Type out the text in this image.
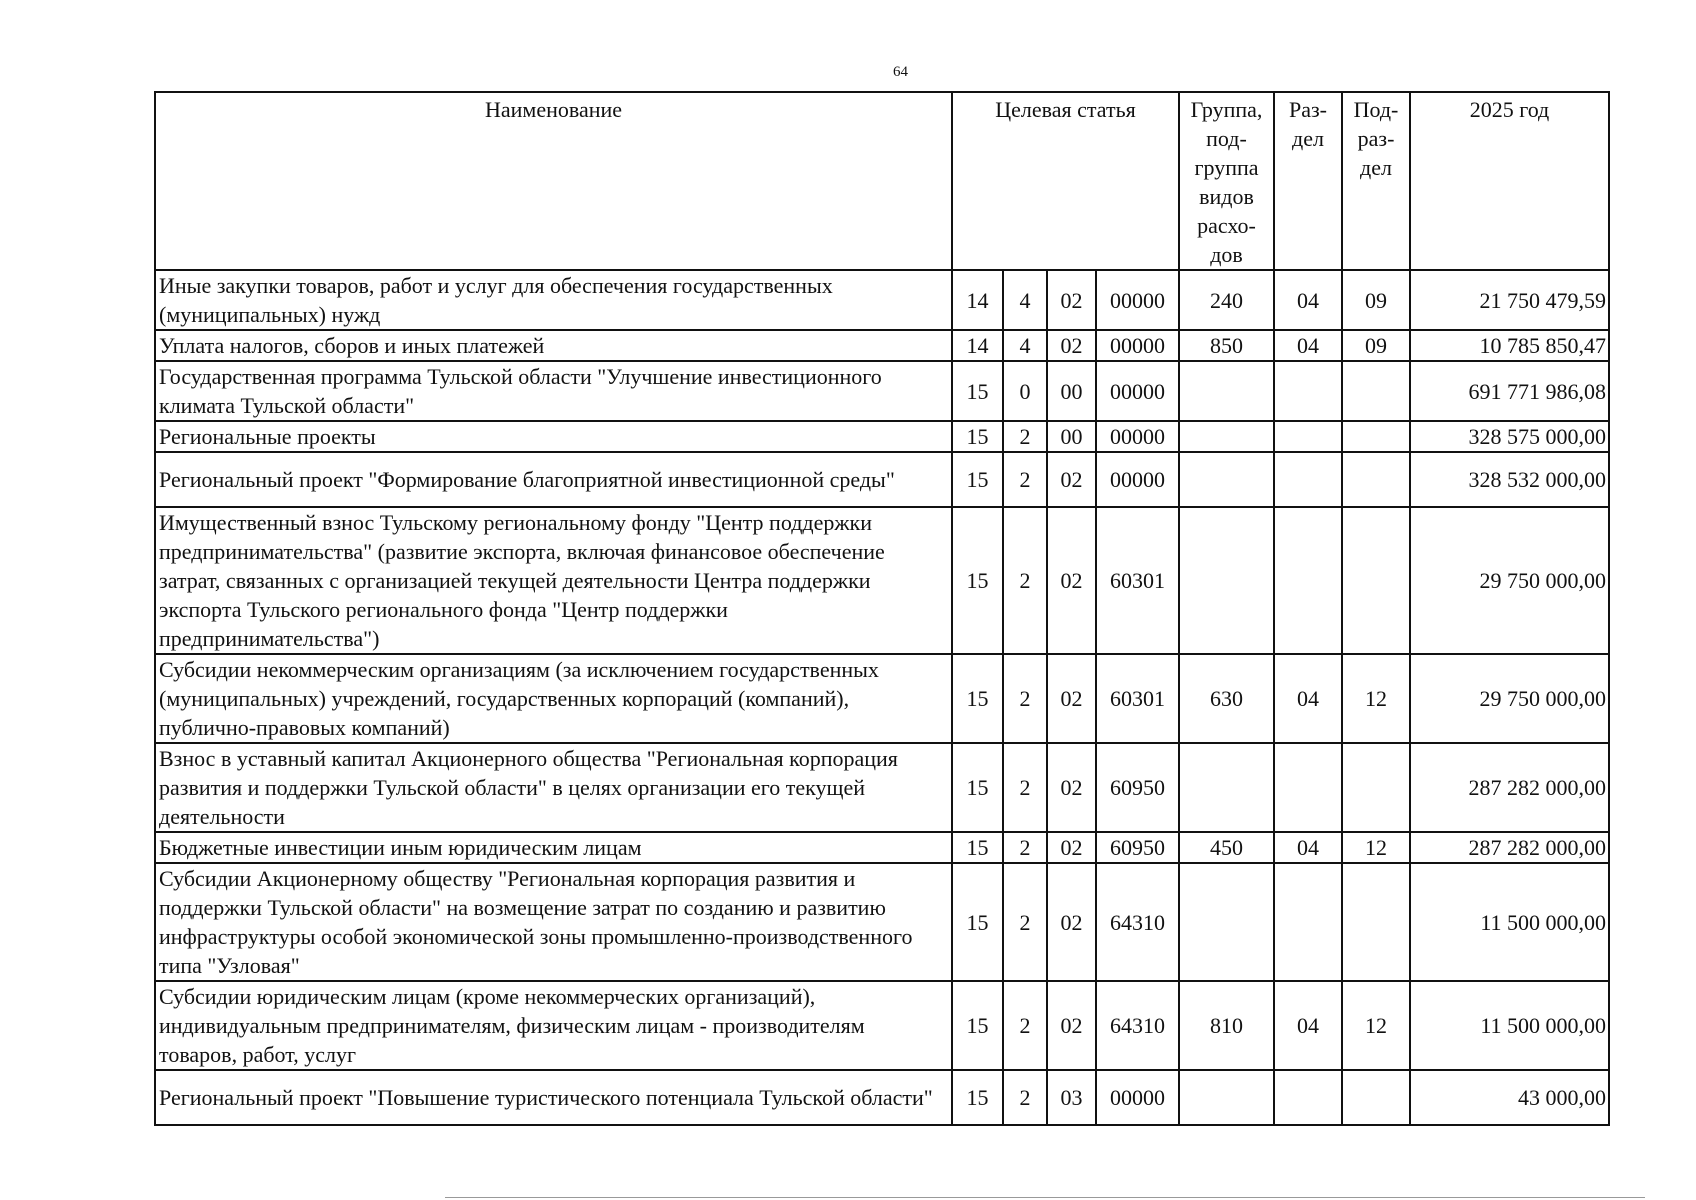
64
Наименование	Целевая статья				Группа, под- группа видов расхо- дов	Раз- дел	Под- раз- дел	2025 год
Иные закупки товаров, работ и услуг для обеспечения государственных (муниципальных) нужд	14	4	02	00000	240	04	09	21 750 479,59
Уплата налогов, сборов и иных платежей	14	4	02	00000	850	04	09	10 785 850,47
Государственная программа Тульской области "Улучшение инвестиционного климата Тульской области"	15	0	00	00000				691 771 986,08
Региональные проекты	15	2	00	00000				328 575 000,00
Региональный проект "Формирование благоприятной инвестиционной среды"	15	2	02	00000				328 532 000,00
Имущественный взнос Тульскому региональному фонду "Центр поддержки предпринимательства" (развитие экспорта, включая финансовое обеспечение затрат, связанных с организацией текущей деятельности Центра поддержки экспорта Тульского регионального фонда "Центр поддержки предпринимательства")	15	2	02	60301				29 750 000,00
Субсидии некоммерческим организациям (за исключением государственных (муниципальных) учреждений, государственных корпораций (компаний), публично-правовых компаний)	15	2	02	60301	630	04	12	29 750 000,00
Взнос в уставный капитал Акционерного общества "Региональная корпорация развития и поддержки Тульской области" в целях организации его текущей деятельности	15	2	02	60950				287 282 000,00
Бюджетные инвестиции иным юридическим лицам	15	2	02	60950	450	04	12	287 282 000,00
Субсидии Акционерному обществу "Региональная корпорация развития и поддержки Тульской области" на возмещение затрат по созданию и развитию инфраструктуры особой экономической зоны промышленно-производственного типа "Узловая"	15	2	02	64310				11 500 000,00
Субсидии юридическим лицам (кроме некоммерческих организаций), индивидуальным предпринимателям, физическим лицам - производителям товаров, работ, услуг	15	2	02	64310	810	04	12	11 500 000,00
Региональный проект "Повышение туристического потенциала Тульской области"	15	2	03	00000				43 000,00
